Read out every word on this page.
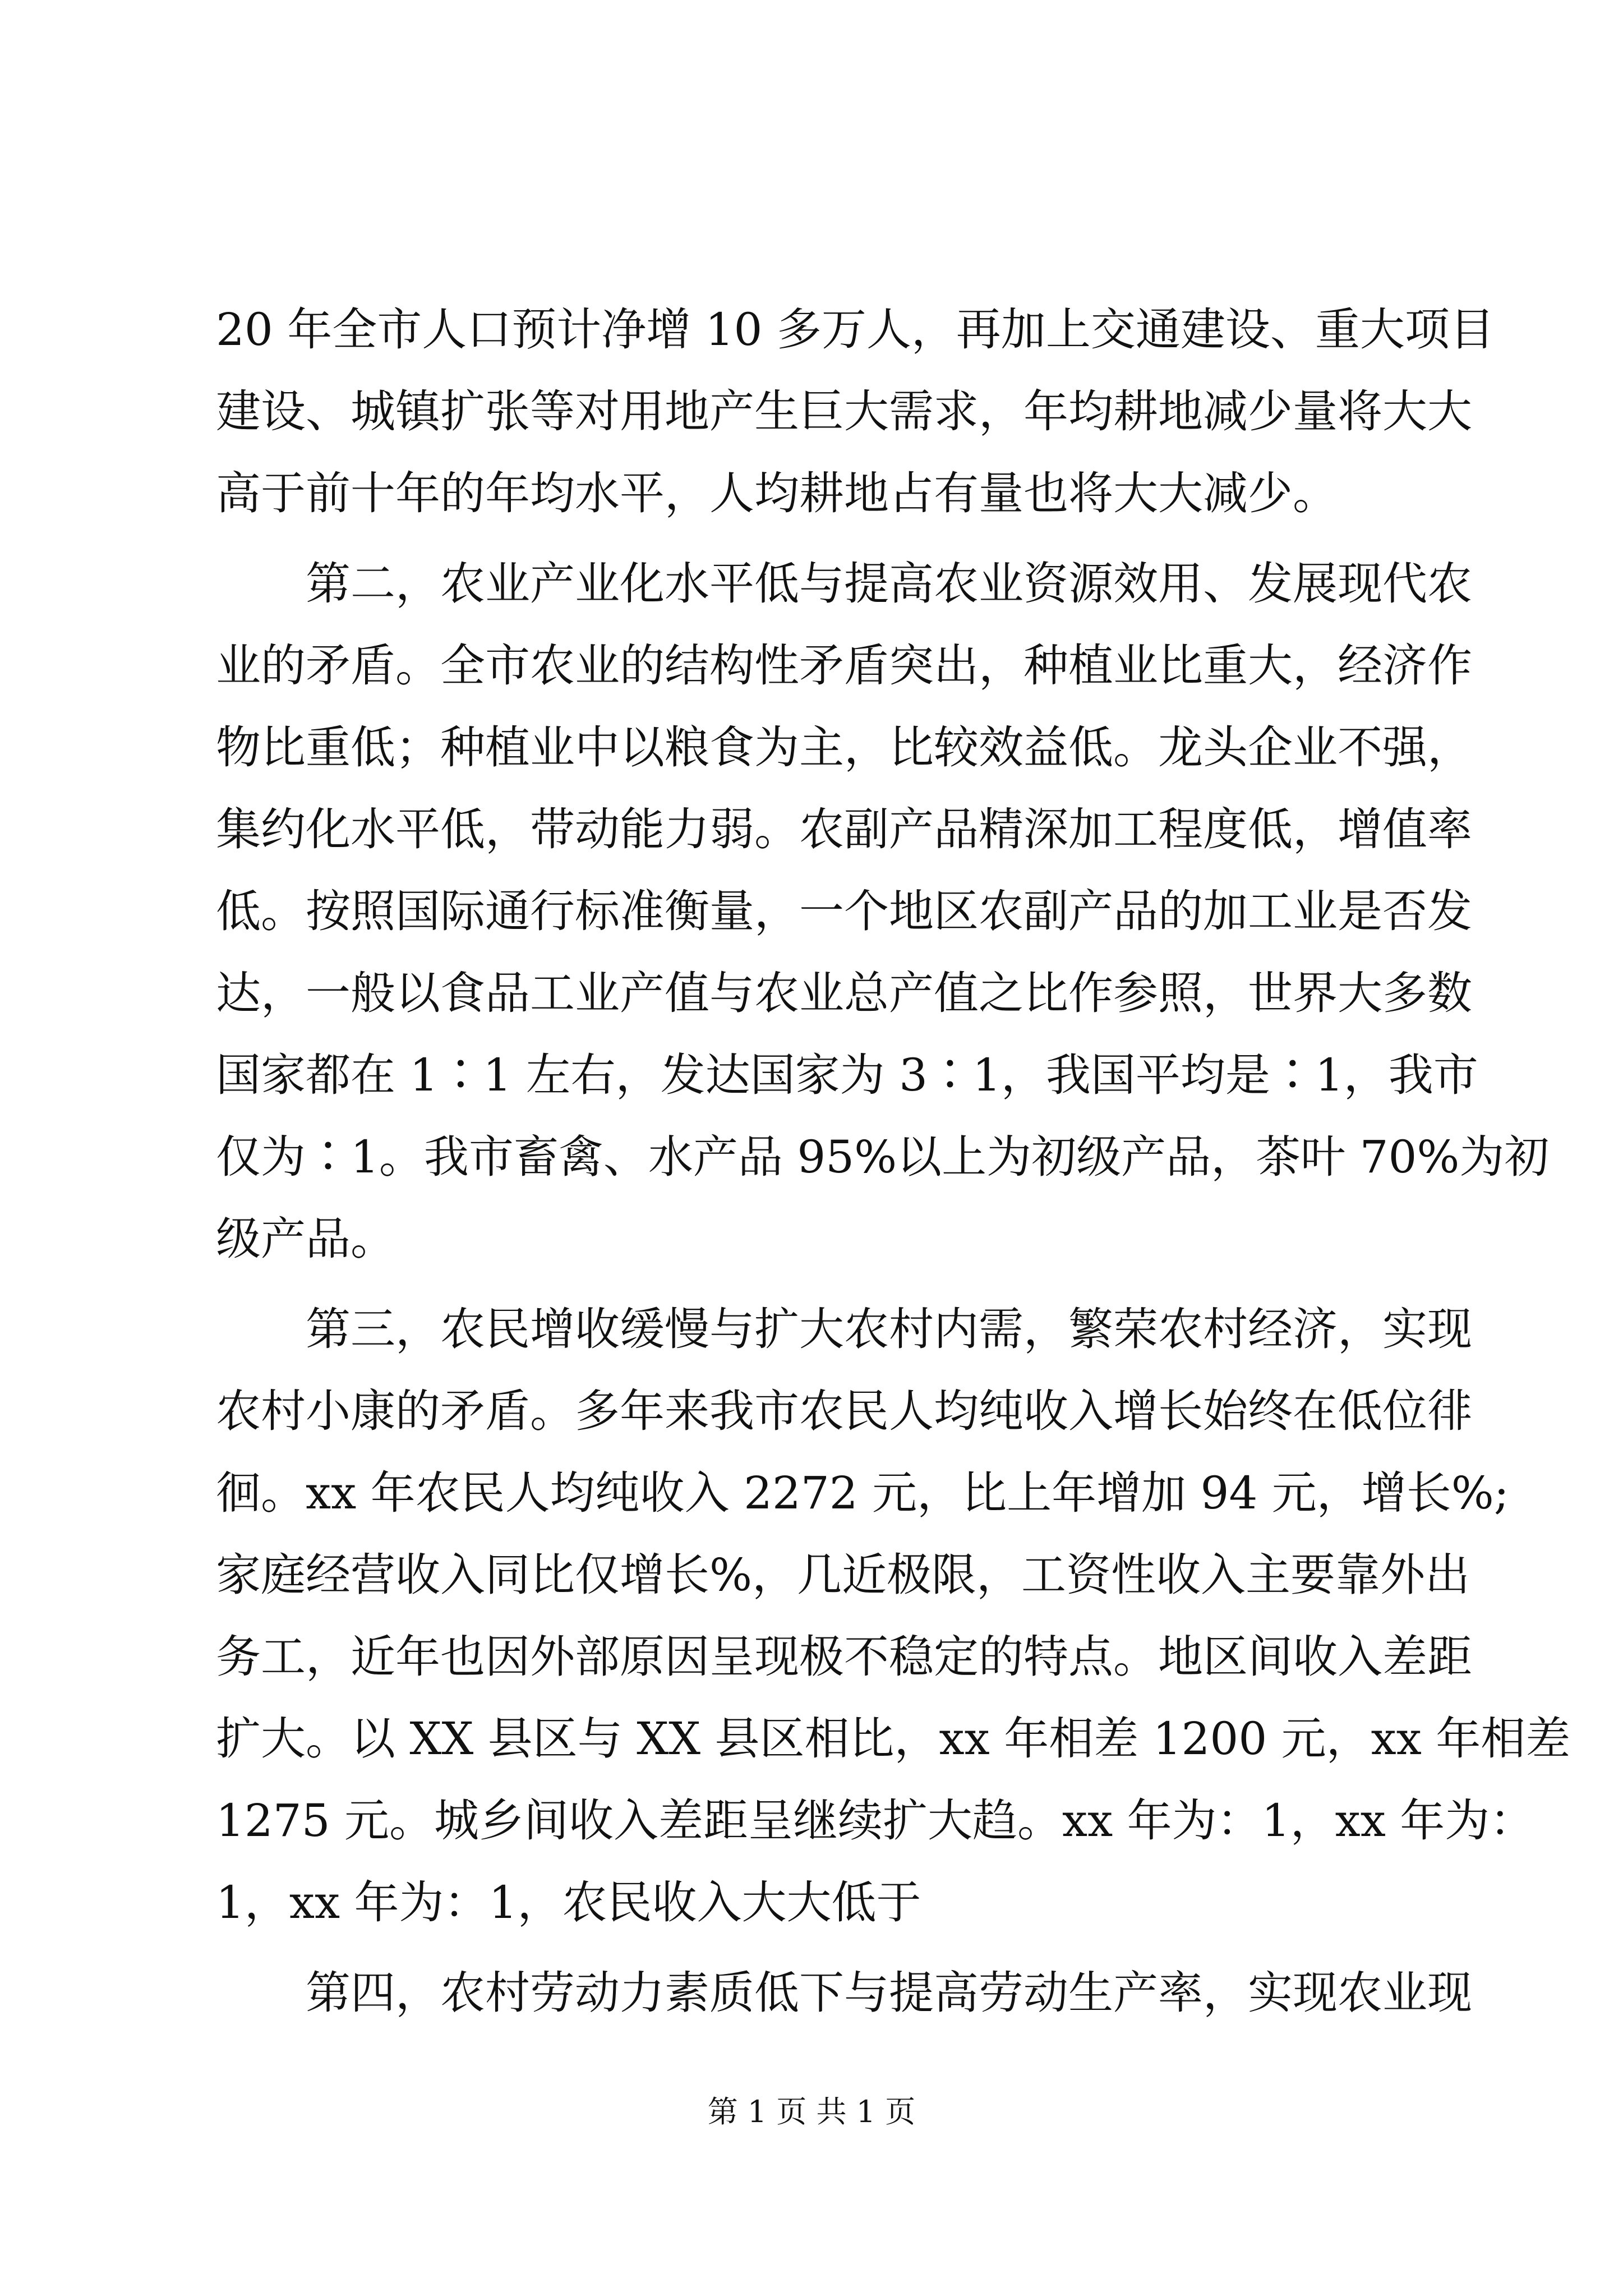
20 年全市人口预计净增 10 多万人，再加上交通建设、重大项目
建设、城镇扩张等对用地产生巨大需求，年均耕地减少量将大大
高于前十年的年均水平，人均耕地占有量也将大大减少。
　　第二，农业产业化水平低与提高农业资源效用、发展现代农
业的矛盾。全市农业的结构性矛盾突出，种植业比重大，经济作
物比重低；种植业中以粮食为主，比较效益低。龙头企业不强，
集约化水平低，带动能力弱。农副产品精深加工程度低，增值率
低。按照国际通行标准衡量，一个地区农副产品的加工业是否发
达，一般以食品工业产值与农业总产值之比作参照，世界大多数
国家都在 1∶1 左右，发达国家为 3∶1，我国平均是∶1，我市
仅为∶1。我市畜禽、水产品 95%以上为初级产品，茶叶 70%为初
级产品。
　　第三，农民增收缓慢与扩大农村内需，繁荣农村经济，实现
农村小康的矛盾。多年来我市农民人均纯收入增长始终在低位徘
徊。xx 年农民人均纯收入 2272 元，比上年增加 94 元，增长%;
家庭经营收入同比仅增长%，几近极限，工资性收入主要靠外出
务工，近年也因外部原因呈现极不稳定的特点。地区间收入差距
扩大。以 XX 县区与 XX 县区相比，xx 年相差 1200 元，xx 年相差
1275 元。城乡间收入差距呈继续扩大趋。xx 年为：1，xx 年为：
1，xx 年为：1，农民收入大大低于
　　第四，农村劳动力素质低下与提高劳动生产率，实现农业现
第 1 页 共 1 页
